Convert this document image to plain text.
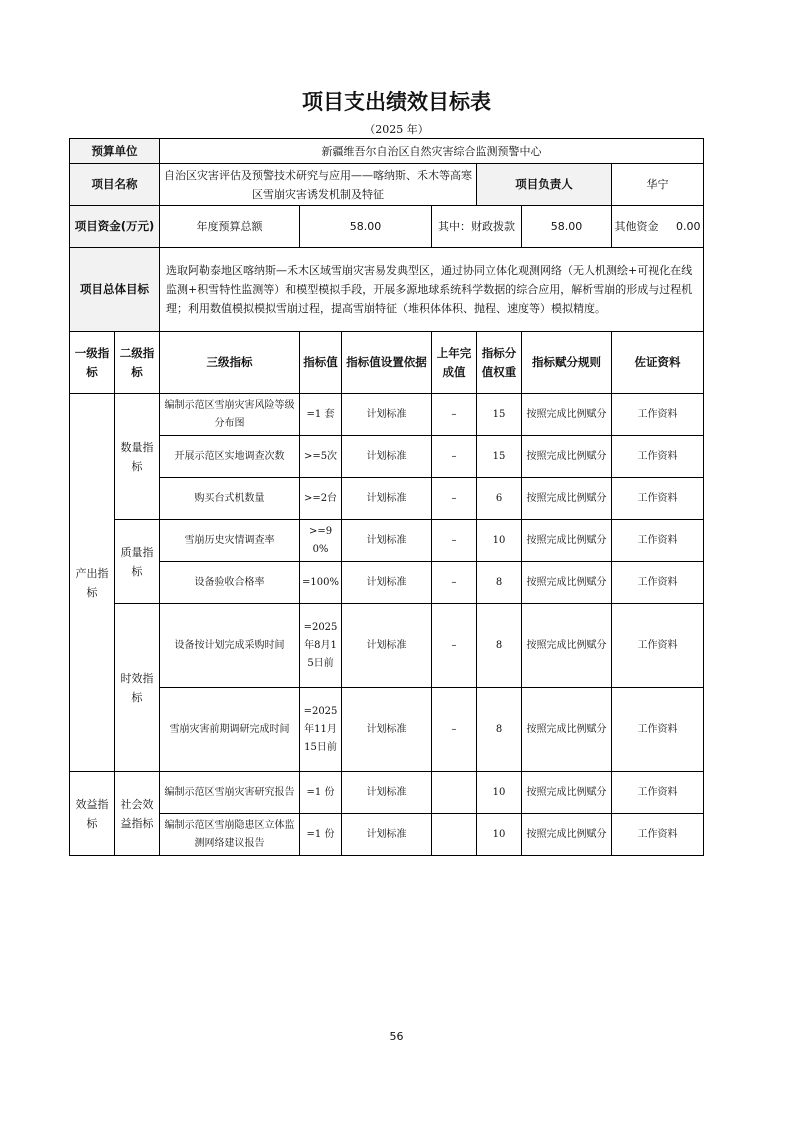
项目支出绩效目标表
（2025 年）
预算单位		新疆维吾尔自治区自然灾害综合监测预警中心						
项目名称		自治区灾害评估及预警技术研究与应用——喀纳斯、禾木等高寒区雪崩灾害诱发机制及特征				项目负责人		华宁
项目资金(万元)		年度预算总额	58.00		其中：财政拨款		58.00	其他资金 0.00
项目总体目标		选取阿勒泰地区喀纳斯—禾木区域雪崩灾害易发典型区，通过协同立体化观测网络（无人机测绘+可视化在线监测+积雪特性监测等）和模型模拟手段，开展多源地球系统科学数据的综合应用，解析雪崩的形成与过程机理；利用数值模拟模拟雪崩过程，提高雪崩特征（堆积体体积、抛程、速度等）模拟精度。						
一级指标	二级指标	三级指标	指标值	指标值设置依据	上年完成值	指标分值权重	指标赋分规则	佐证资料
产出指标	数量指标	编制示范区雪崩灾害风险等级分布图	=1 套	计划标准	–	15	按照完成比例赋分	工作资料
		开展示范区实地调查次数	>=5次	计划标准	–	15	按照完成比例赋分	工作资料
		购买台式机数量	>=2台	计划标准	–	6	按照完成比例赋分	工作资料
	质量指标	雪崩历史灾情调查率	>=90%	计划标准	–	10	按照完成比例赋分	工作资料
		设备验收合格率	=100%	计划标准	–	8	按照完成比例赋分	工作资料
	时效指标	设备按计划完成采购时间	=2025年8月15日前	计划标准	–	8	按照完成比例赋分	工作资料
		雪崩灾害前期调研完成时间	=2025年11月15日前	计划标准	–	8	按照完成比例赋分	工作资料
效益指标	社会效益指标	编制示范区雪崩灾害研究报告	=1 份	计划标准		10	按照完成比例赋分	工作资料
		编制示范区雪崩隐患区立体监测网络建议报告	=1 份	计划标准		10	按照完成比例赋分	工作资料
56
